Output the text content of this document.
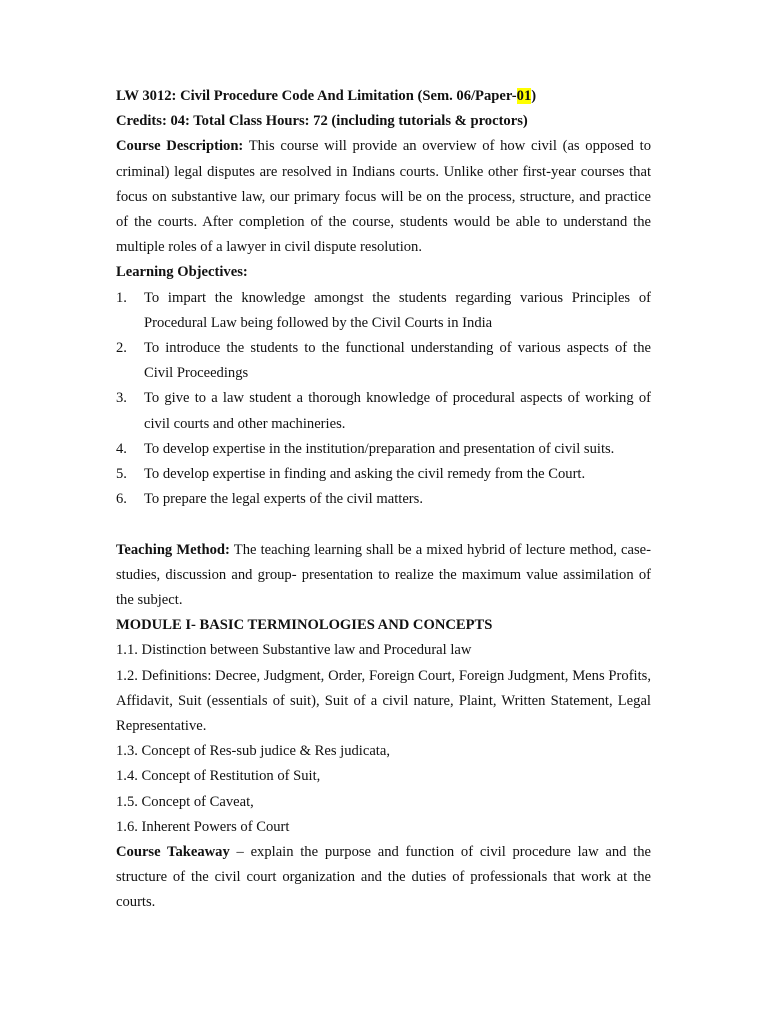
LW 3012: Civil Procedure Code And Limitation (Sem. 06/Paper-01)

Credits: 04: Total Class Hours: 72 (including tutorials & proctors)

Course Description: This course will provide an overview of how civil (as opposed to criminal) legal disputes are resolved in Indians courts. Unlike other first-year courses that focus on substantive law, our primary focus will be on the process, structure, and practice of the courts. After completion of the course, students would be able to understand the multiple roles of a lawyer in civil dispute resolution.

Learning Objectives:

1. To impart the knowledge amongst the students regarding various Principles of Procedural Law being followed by the Civil Courts in India
2. To introduce the students to the functional understanding of various aspects of the Civil Proceedings
3. To give to a law student a thorough knowledge of procedural aspects of working of civil courts and other machineries.
4. To develop expertise in the institution/preparation and presentation of civil suits.
5. To develop expertise in finding and asking the civil remedy from the Court.
6. To prepare the legal experts of the civil matters.

Teaching Method: The teaching learning shall be a mixed hybrid of lecture method, case-studies, discussion and group- presentation to realize the maximum value assimilation of the subject.

MODULE I- BASIC TERMINOLOGIES AND CONCEPTS

1.1. Distinction between Substantive law and Procedural law
1.2. Definitions: Decree, Judgment, Order, Foreign Court, Foreign Judgment, Mens Profits, Affidavit, Suit (essentials of suit), Suit of a civil nature, Plaint, Written Statement, Legal Representative.
1.3. Concept of Res-sub judice & Res judicata,
1.4. Concept of Restitution of Suit,
1.5. Concept of Caveat,
1.6. Inherent Powers of Court

Course Takeaway – explain the purpose and function of civil procedure law and the structure of the civil court organization and the duties of professionals that work at the courts.
